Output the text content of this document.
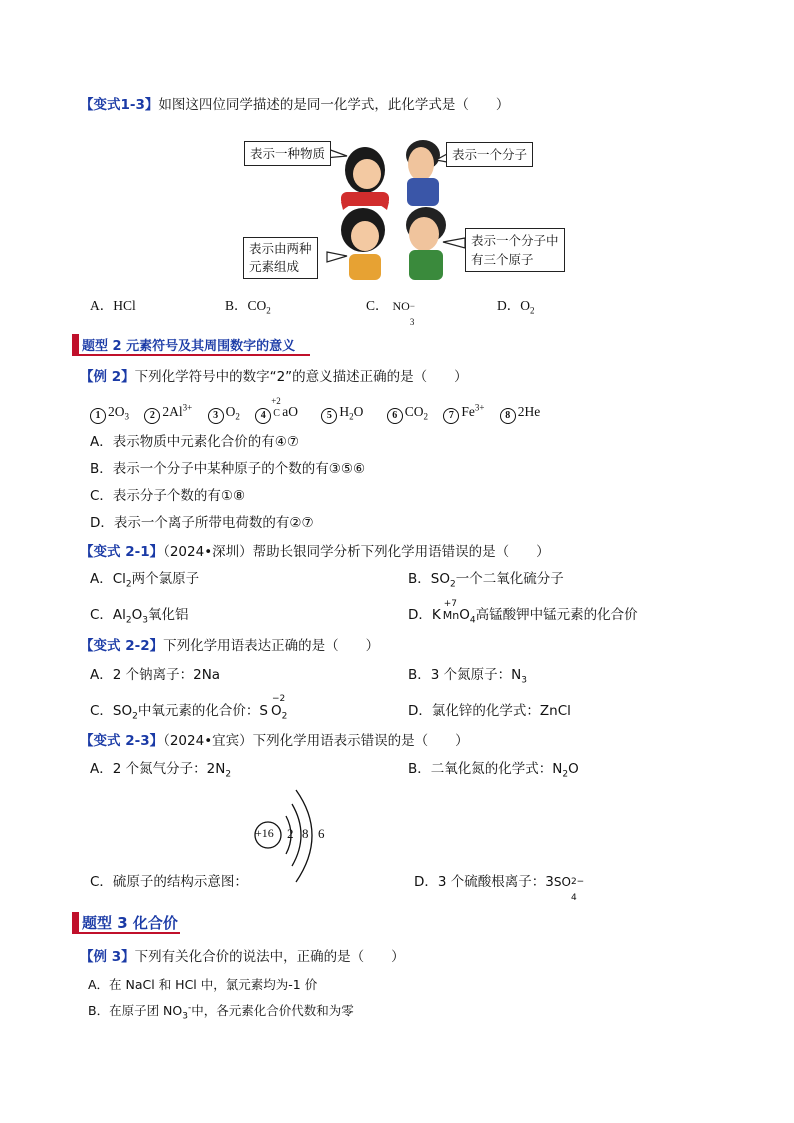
【变式1-3】如图这四位同学描述的是同一化学式，此化学式是（　　）
表示一种物质	表示一个分子
表示由两种
元素组成
表示一个分子中
有三个原子
A．HCl	B．$CO_2$	C． NO −
3
D．$O_2$
题型 2 元素符号及其周围数字的意义
【例 2】下列化学符号中的数字“2”的意义描述正确的是（　　）
1 $2O_3$ 2 $2Al^{3+}$ 3 $O_2$ 4
+2
C aO	5 $H_2O$	6 $CO_2$ 7 $Fe^{3+}$ 8 2He
A．表示物质中元素化合价的有④⑦
B．表示一个分子中某种原子的个数的有③⑤⑥
C．表示分子个数的有①⑧
D．表示一个离子所带电荷数的有②⑦
【变式 2-1】（2024•深圳）帮助长银同学分析下列化学用语错误的是（　　）
A．$Cl_2$两个氯原子	B．$SO_2$一个二氧化硫分子
C．$Al_2O_3$氧化铝	D．K
+7
MnO$_4$高锰酸钾中锰元素的化合价
【变式 2-2】下列化学用语表达正确的是（　　）
A．2 个钠离子：2Na	B．3 个氮原子：$N_3$
C．$SO_2$中氧元素的化合价：S
−2
$O_2$	D．氯化锌的化学式：ZnCl
【变式 2-3】（2024•宜宾）下列化学用语表示错误的是（　　）
A．2 个氮气分子：$2N_2$	B．二氧化氮的化学式：$N_2O$
+16 2 8 6
C．硫原子的结构示意图：	D．3 个硫酸根离子：3SO 2−
4
题型 3 化合价
【例 3】下列有关化合价的说法中，正确的是（　　）
A．在 NaCl 和 HCl 中，氯元素均为-1 价
B．在原子团 $NO_3^-$中，各元素化合价代数和为零
